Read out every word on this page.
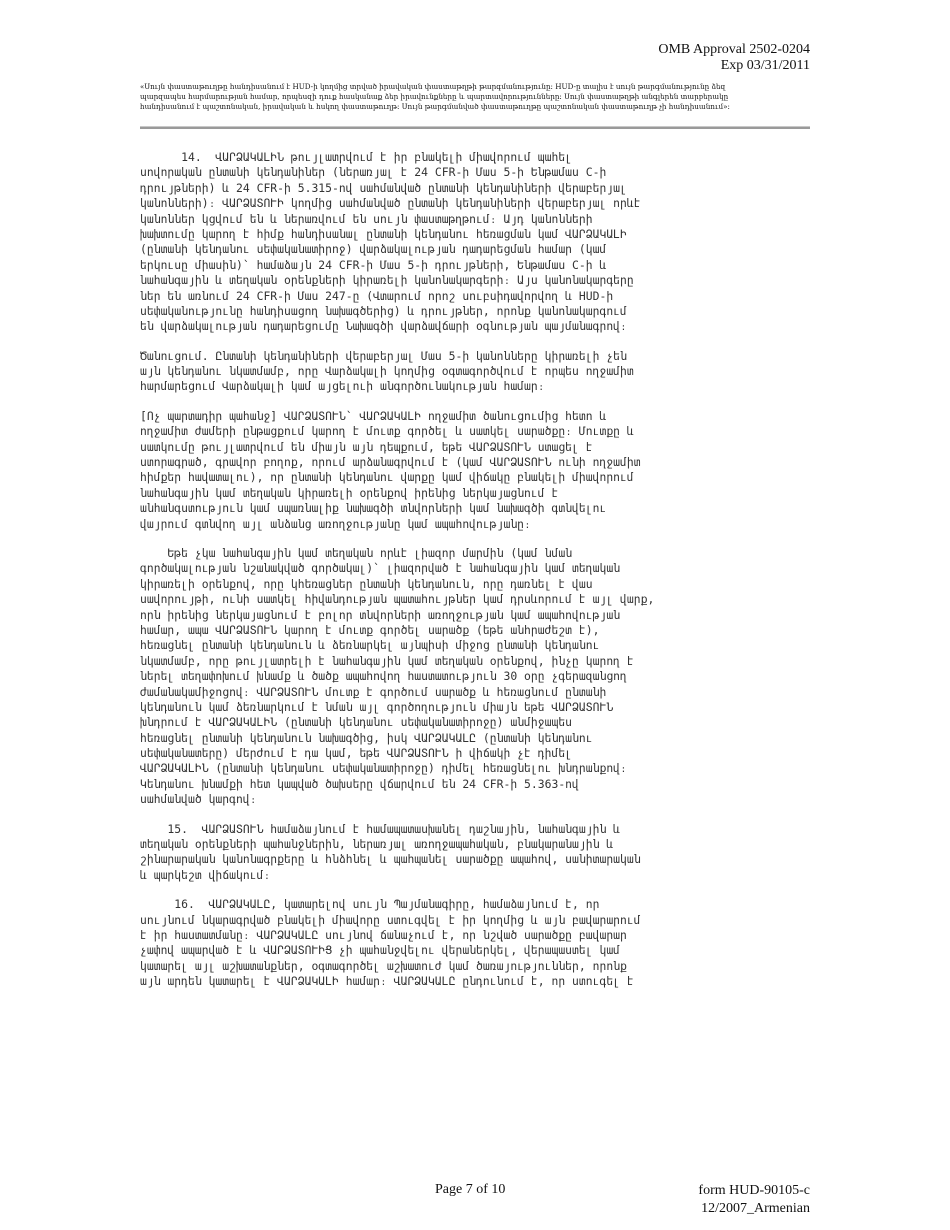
OMB Approval 2502-0204
Exp 03/31/2011
«Սույն փաստաթուղթը հանդիսանում է HUD-ի կողմից տրված իրավական փաստաթղթի թարգմանությունը։ HUD-ը տալիս է սույն թարգմանությունը ձեզ
պարզապես հարմարության համար, որպեսզի դուք հասկանաք ձեր իրավունքները և պարտավորությունները։ Սույն փաստաթղթի անգլերեն տարբերակը
հանդիսանում է պաշտոնական, իրավական և հսկող փաստաթուղթ։ Սույն թարգմանված փաստաթուղթը պաշտոնական փաստաթուղթ չի հանդիսանում»։
14.  ՎԱՐՁԱԿԱԼԻՆ թույլատրվում է իր բնակելի միավորում պահել
սովորական ընտանի կենդանիներ (ներառյալ է 24 CFR-ի Մաս 5-ի Ենթամաս C-ի
դրույթների) և 24 CFR-ի 5.315-ով սահմանված ընտանի կենդանիների վերաբերյալ
կանոնների)։ ՎԱՐՁԱՏՈՒԻ կողմից սահմանված ընտանի կենդանիների վերաբերյալ որևէ
կանոններ կցվում են և ներառվում են սույն փաստաթղթում։ Այդ կանոնների
խախտումը կարող է հիմք հանդիսանալ ընտանի կենդանու հեռացման կամ ՎԱՐՁԱԿԱԼԻ
(ընտանի կենդանու սեփականատիրոջ) վարձակալության դադարեցման համար (կամ
երկուսը միասին)` համաձայն 24 CFR-ի Մաս 5-ի դրույթների, Ենթամաս C-ի և
նահանգային և տեղական օրենքների կիրառելի կանոնակարգերի։ Այս կանոնակարգերը
ներ են առնում 24 CFR-ի Մաս 247-ը (Վտարում որոշ սուբսիդավորվող և HUD-ի
սեփականությունը հանդիսացող նախագծերից) և դրույթներ, որոնք կանոնակարգում
են վարձակալության դադարեցումը Նախագծի վարձավճարի օգնության պայմանագրով։
Ծանուցում. Ընտանի կենդանիների վերաբերյալ Մաս 5-ի կանոնները կիրառելի չեն
այն կենդանու նկատմամբ, որը Վարձակալի կողմից օգտագործվում է որպես ողջամիտ
հարմարեցում Վարձակալի կամ այցելուի անգործունակության համար։
[Ոչ պարտադիր պահանջ] ՎԱՐՁԱՏՈՒՆ` ՎԱՐՁԱԿԱԼԻ ողջամիտ ծանուցումից հետո և
ողջամիտ ժամերի ընթացքում կարող է մուտք գործել և սատկել սարածքը։ Մուտքը և
սատկումը թույլատրվում են միայն այն դեպքում, եթե ՎԱՐՁԱՏՈՒՆ ստացել է
ստորագրած, գրավոր բողոք, որում արձանագրվում է (կամ ՎԱՐՁԱՏՈՒՆ ունի ողջամիտ
հիմքեր հավատալու), որ ընտանի կենդանու վարքը կամ վիճակը բնակելի միավորում
նահանգային կամ տեղական կիրառելի օրենքով իրենից ներկայացնում է
անհանգստություն կամ սպառնալիք նախագծի տնվորների կամ նախագծի գտնվելու
վայրում գտնվող այլ անձանց առողջությանը կամ ապահովությանը։
Եթե չկա նահանգային կամ տեղական որևէ լիազոր մարմին (կամ նման
գործակալության նշանակված գործակալ)` լիազորված է նահանգային կամ տեղական
կիրառելի օրենքով, որը կհեռացներ ընտանի կենդանուն, որը դառնել է վաս
սավորույթի, ունի սատկել հիվանդության պատահույթներ կամ դրսևորում է այլ վարք,
որն իրենից ներկայացնում է բոլոր տնվորների առողջության կամ ապահովության
համար, ապա ՎԱՐՁԱՏՈՒՆ կարող է մուտք գործել սարածք (եթե անհրաժեշտ է),
հեռացնել ընտանի կենդանուն և ձեռնարկել այնպիսի միջոց ընտանի կենդանու
նկատմամբ, որը թույլատրելի է նահանգային կամ տեղական օրենքով, ինչը կարող է
ներել տեղափոխում խնամք և ծածք ապահովող հաստատություն 30 օրը չգերազանցող
ժամանակամիջոցով։ ՎԱՐՁԱՏՈՒՆ մուտք է գործում սարածք և հեռացնում ընտանի
կենդանուն կամ ձեռնարկում է նման այլ գործողություն միայն եթե ՎԱՐՁԱՏՈՒՆ
խնդրում է ՎԱՐՁԱԿԱԼԻՆ (ընտանի կենդանու սեփականատիրոջը) անմիջապես
հեռացնել ընտանի կենդանուն նախագծից, իսկ ՎԱՐՁԱԿԱԼԸ (ընտանի կենդանու
սեփականատերը) մերժում է դա կամ, եթե ՎԱՐՁԱՏՈՒՆ ի վիճակի չէ դիմել
ՎԱՐՁԱԿԱԼԻՆ (ընտանի կենդանու սեփականատիրոջը) դիմել հեռացնելու խնդրանքով։
Կենդանու խնամքի հետ կապված ծախսերը վճարվում են 24 CFR-ի 5.363-ով
սահմանված կարգով։
15.  ՎԱՐՁԱՏՈՒՆ համաձայնում է համապատասխանել դաշնային, նահանգային և
տեղական օրենքների պահանջներին, ներառյալ առողջապահական, բնակարանային և
շինարարական կանոնագրքերը և հնձհնել և պահպանել սարածքը ապահով, սանիտարական
և պարկեշտ վիճակում։
16.  ՎԱՐՁԱԿԱԼԸ, կատարելով սույն Պայմանագիրը, համաձայնում է, որ
սույնում նկարագրված բնակելի միավորը ստուգվել է իր կողմից և այն բավարարում
է իր հաստատմանը։ ՎԱՐՁԱԿԱԼԸ սույնով ճանաչում է, որ նշված սարածքը բավարար
չափով ապարված է և ՎԱՐՁԱՏՈՒԻՑ չի պահանջվելու վերաներկել, վերապաստել կամ
կատարել այլ աշխատանքներ, օգտագործել աշխատուժ կամ ծառայություններ, որոնք
այն արդեն կատարել է ՎԱՐՁԱԿԱԼԻ համար։ ՎԱՐՁԱԿԱԼԸ ընդունում է, որ ստուգել է
Page 7 of 10	form HUD-90105-c
12/2007_Armenian
